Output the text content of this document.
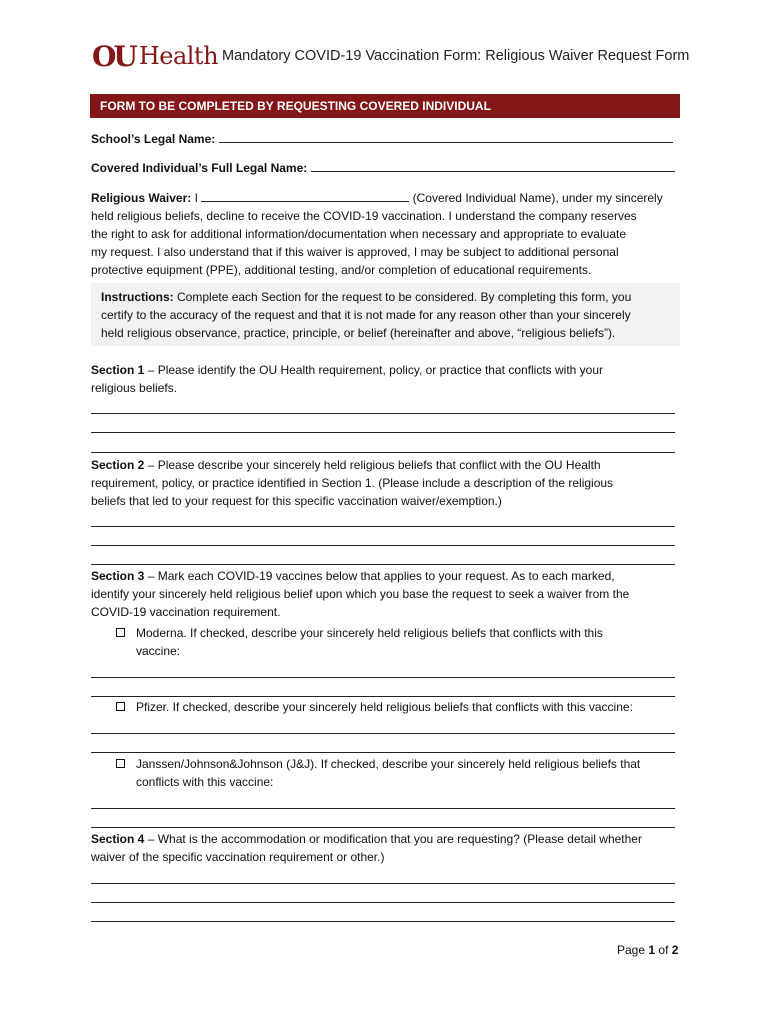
OU Health Mandatory COVID-19 Vaccination Form: Religious Waiver Request Form
FORM TO BE COMPLETED BY REQUESTING COVERED INDIVIDUAL
School’s Legal Name:
Covered Individual’s Full Legal Name:
Religious Waiver: I	(Covered Individual Name), under my sincerely
held religious beliefs, decline to receive the COVID-19 vaccination. I understand the company reserves
the right to ask for additional information/documentation when necessary and appropriate to evaluate
my request. I also understand that if this waiver is approved, I may be subject to additional personal
protective equipment (PPE), additional testing, and/or completion of educational requirements.
Instructions: Complete each Section for the request to be considered. By completing this form, you
certify to the accuracy of the request and that it is not made for any reason other than your sincerely
held religious observance, practice, principle, or belief (hereinafter and above, “religious beliefs”).
Section 1 – Please identify the OU Health requirement, policy, or practice that conflicts with your
religious beliefs.
Section 2 – Please describe your sincerely held religious beliefs that conflict with the OU Health
requirement, policy, or practice identified in Section 1. (Please include a description of the religious
beliefs that led to your request for this specific vaccination waiver/exemption.)
Section 3 – Mark each COVID-19 vaccines below that applies to your request. As to each marked,
identify your sincerely held religious belief upon which you base the request to seek a waiver from the
COVID-19 vaccination requirement.
Moderna. If checked, describe your sincerely held religious beliefs that conflicts with this
vaccine:
Pfizer. If checked, describe your sincerely held religious beliefs that conflicts with this vaccine:
Janssen/Johnson&Johnson (J&J). If checked, describe your sincerely held religious beliefs that
conflicts with this vaccine:
Section 4 – What is the accommodation or modification that you are requesting? (Please detail whether
waiver of the specific vaccination requirement or other.)
Page 1 of 2
